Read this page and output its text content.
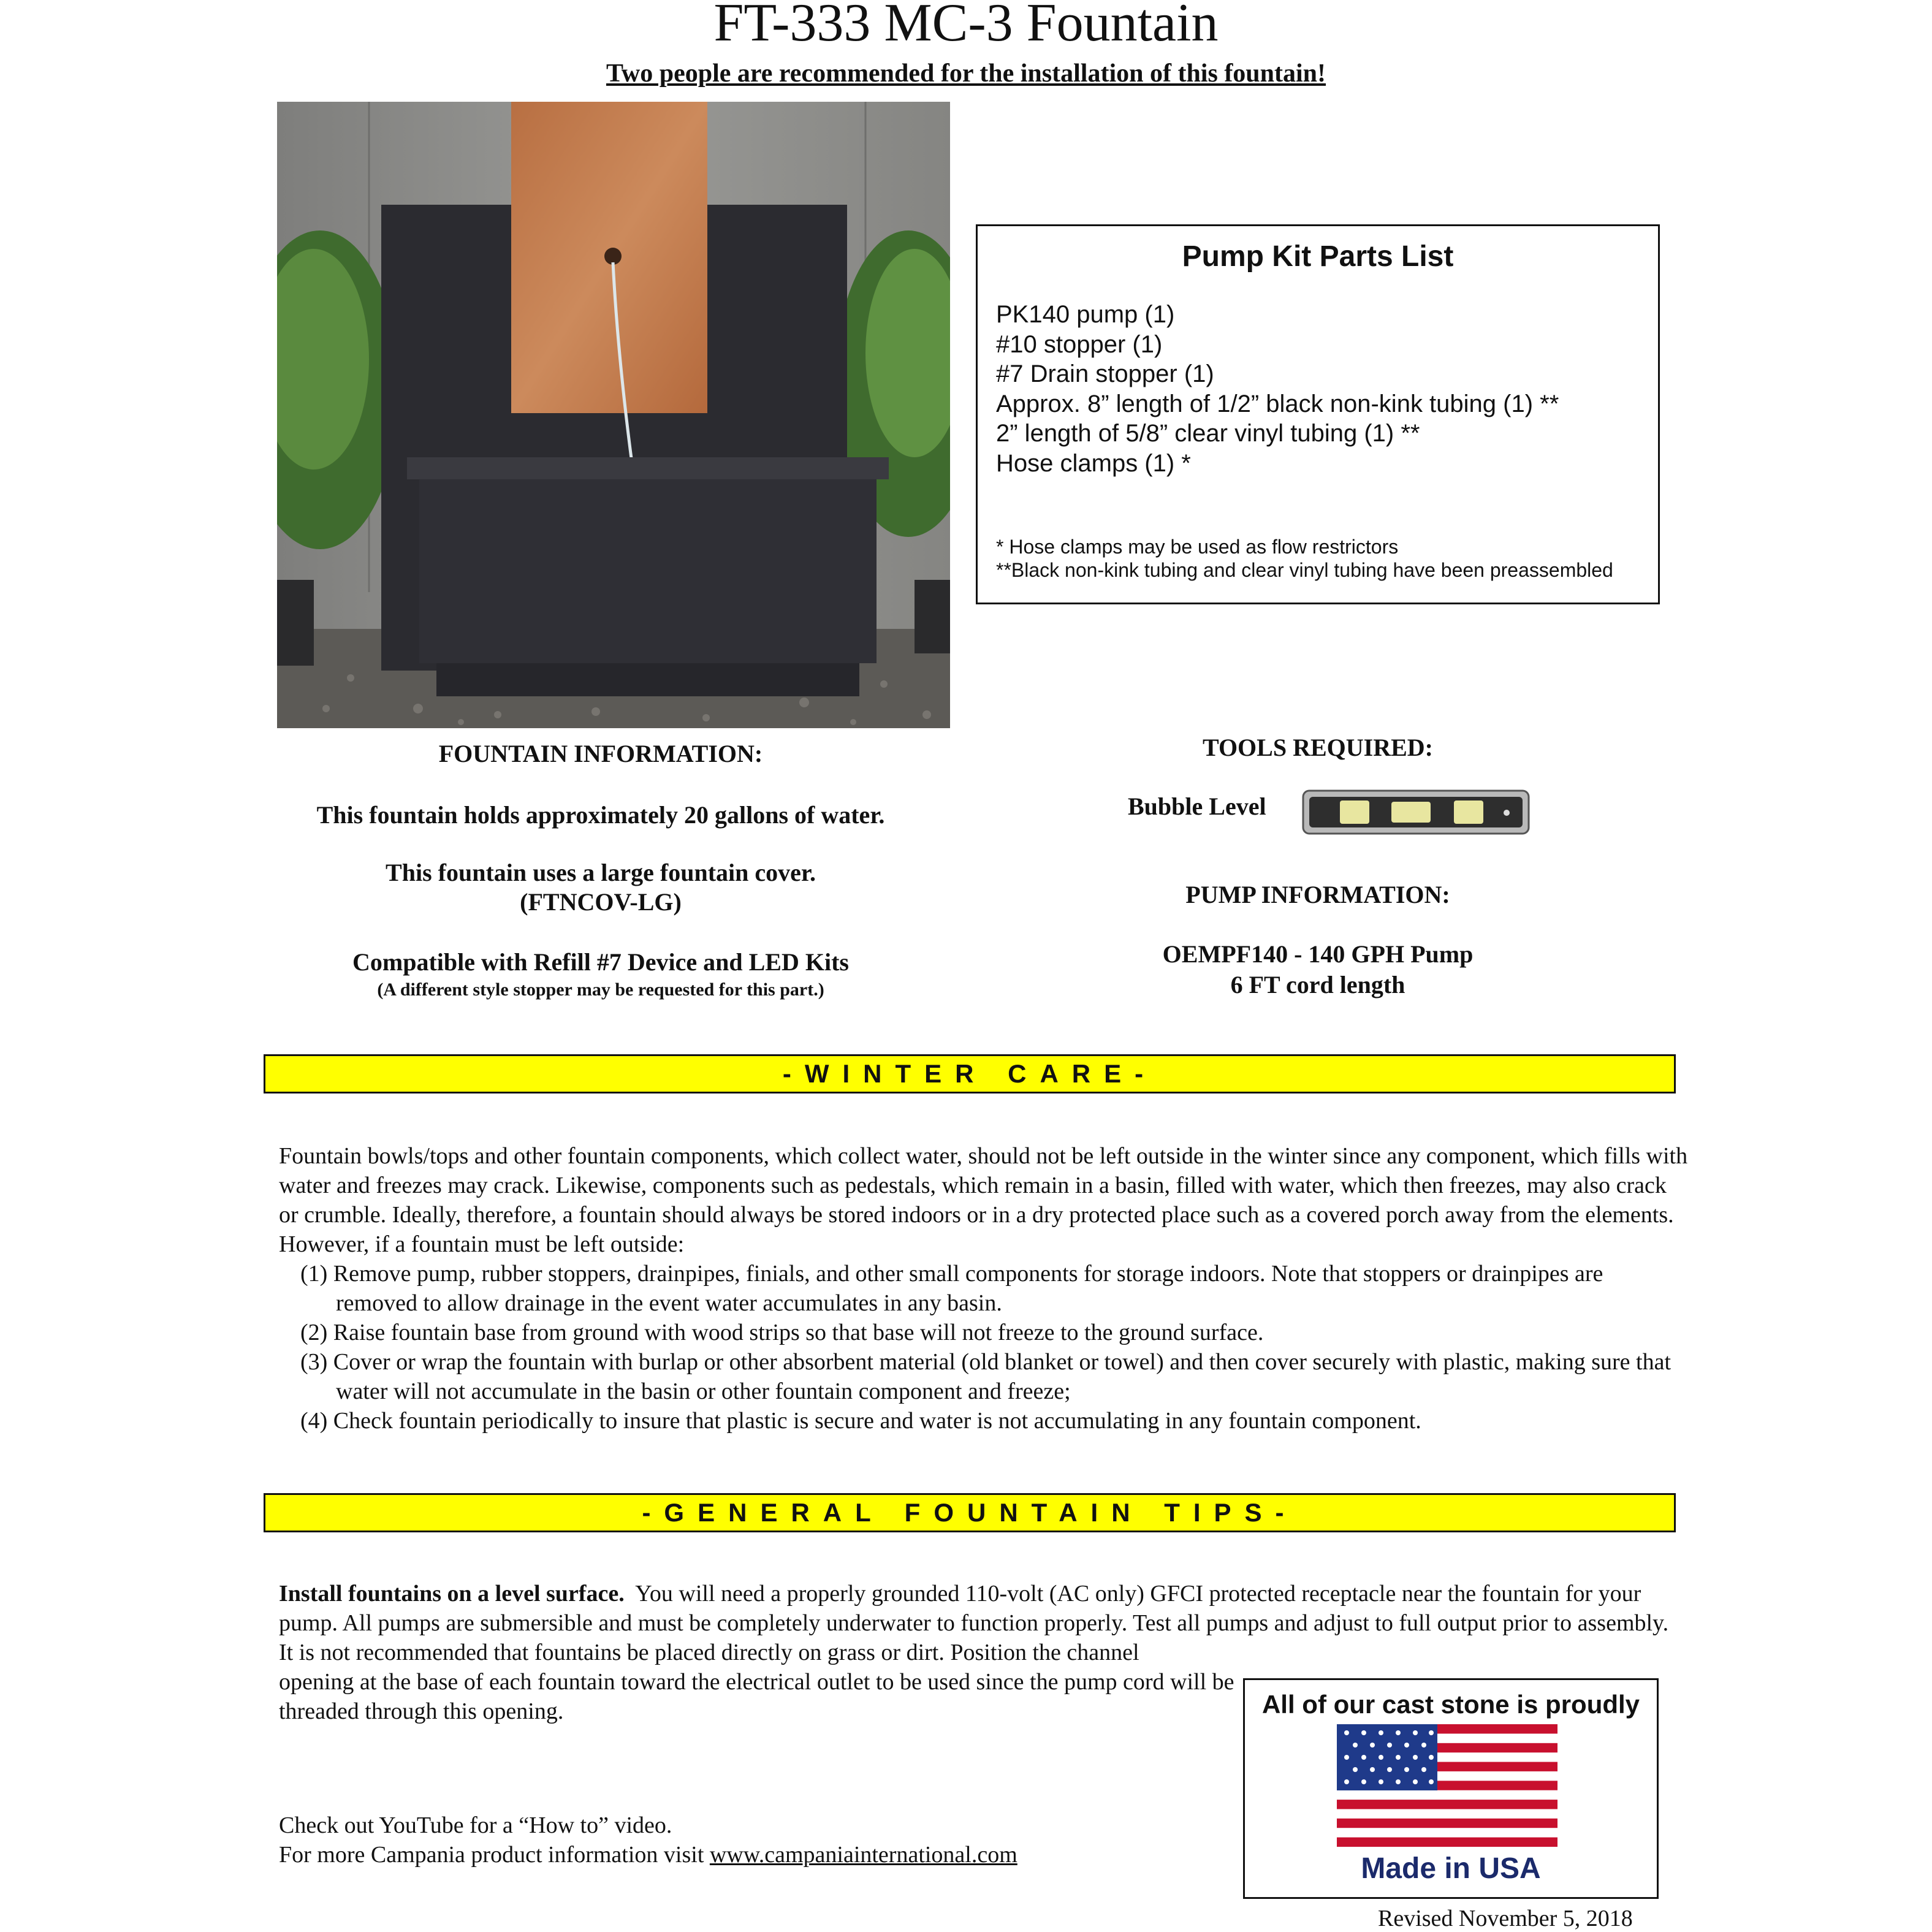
FT-333 MC-3 Fountain
Two people are recommended for the installation of this fountain!
Pump Kit Parts List
PK140 pump (1)
#10 stopper (1)
#7 Drain stopper (1)
Approx. 8” length of 1/2” black non-kink tubing (1) **
2” length of 5/8” clear vinyl tubing (1) **
Hose clamps (1) *
* Hose clamps may be used as flow restrictors
**Black non-kink tubing and clear vinyl tubing have been preassembled
FOUNTAIN INFORMATION:
This fountain holds approximately 20 gallons of water.
This fountain uses a large fountain cover.
(FTNCOV-LG)
Compatible with Refill #7 Device and LED Kits
(A different style stopper may be requested for this part.)
TOOLS REQUIRED:
Bubble Level
PUMP INFORMATION:
OEMPF140 - 140 GPH Pump
6 FT cord length
-WINTER CARE-
Fountain bowls/tops and other fountain components, which collect water, should not be left outside in the winter since any component, which fills with water and freezes may crack. Likewise, components such as pedestals, which remain in a basin, filled with water, which then freezes, may also crack or crumble. Ideally, therefore, a fountain should always be stored indoors or in a dry protected place such as a covered porch away from the elements. However, if a fountain must be left outside:
(1) Remove pump, rubber stoppers, drainpipes, finials, and other small components for storage indoors. Note that stoppers or drainpipes are removed to allow drainage in the event water accumulates in any basin.
(2) Raise fountain base from ground with wood strips so that base will not freeze to the ground surface.
(3) Cover or wrap the fountain with burlap or other absorbent material (old blanket or towel) and then cover securely with plastic, making sure that water will not accumulate in the basin or other fountain component and freeze;
(4) Check fountain periodically to insure that plastic is secure and water is not accumulating in any fountain component.
-GENERAL FOUNTAIN TIPS-
Install fountains on a level surface. You will need a properly grounded 110-volt (AC only) GFCI protected receptacle near the fountain for your pump. All pumps are submersible and must be completely underwater to function properly. Test all pumps and adjust to full output prior to assembly. It is not recommended that fountains be placed directly on grass or dirt. Position the channel
opening at the base of each fountain toward the electrical outlet to be used since the pump cord will be threaded through this opening.
Check out YouTube for a “How to” video.
For more Campania product information visit www.campaniainternational.com
All of our cast stone is proudly
Made in USA
Revised November 5, 2018
